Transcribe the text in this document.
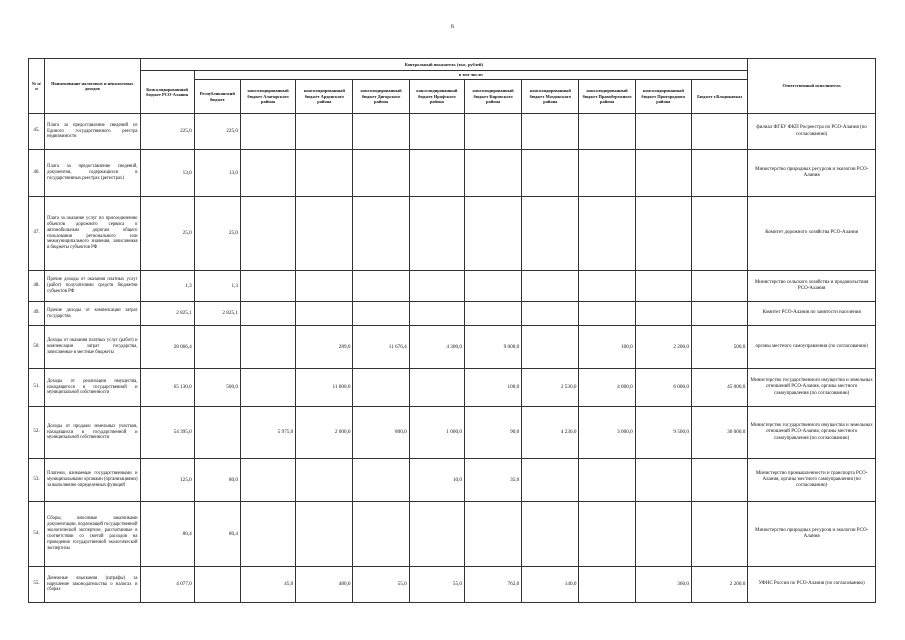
6
№ п/п	Наименование налоговых и неналоговых доходов	Контрольный показатель (тыс. рублей)											Ответственный исполнитель
		Консолидированный бюджет РСО-Алания	в том числе:										
			Республиканский бюджет	консолидированный бюджет Алагирского района	консолидированный бюджет Ардонского района	консолидированный бюджет Дигорского района	консолидированный бюджет Ирафского района	консолидированный бюджет Кировского района	консолидированный бюджет Моздокского района	консолидированный бюджет Правобережного района	консолидированный бюджет Пригородного района	Бюджет г.Владикавказ	
45.	Плата за предоставление сведений из Единого государственного реестра недвижимости	225,0	225,0										филиал ФГБУ ФКП Росреестра по РСО-Алания (по согласованию)
46.	Плата за предоставление сведений, документов, содержащихся в государственных реестрах (регистрах)	13,0	13,0										Министерство природных ресурсов и экологии РСО-Алания
47.	Плата за оказание услуг по присоединению объектов дорожного сервиса к автомобильным дорогам общего пользования регионального или межмуниципального значения, зачисляемая в бюджеты субъектов РФ	25,0	25,0										Комитет дорожного хозяйства РСО-Алания
48.	Прочие доходы от оказания платных услуг (работ) получателями средств бюджетов субъектов РФ	1,3	1,3										Министерство сельского хозяйства и продовольствия РСО-Алания
49.	Прочие доходы от компенсации затрат государства	2 825,1	2 825,1										Комитет РСО-Алания по занятости населения
50.	Доходы от оказания платных услуг (работ) и компенсации затрат государства, зачисляемые в местные бюджеты	28 066,4			289,0	11 676,4	4 300,0	9 000,0		100,0	2 200,0	500,0	органы местного самоуправления (по согласованию)
51.	Доходы от реализации имущества, находящегося в государственной и муниципальной собственности	65 130,0	500,0		11 000,0			100,0	2 530,0	4 000,0	6 000,0	45 000,0	Министерство государственного имущества и земельных отношений РСО-Алания, органы местного самоуправления (по согласованию)
52.	Доходы от продажи земельных участков, находящихся в государственной и муниципальной собственности	54 395,0		5 975,0	2 000,0	800,0	1 000,0	90,0	4 230,0	3 000,0	9 500,0	30 000,0	Министерство государственного имущества и земельных отношений РСО-Алания, органы местного самоуправления (по согласованию)
53.	Платежи, взимаемые государственными и муниципальными органами (организациями) за выполнение определенных функций	125,0	80,0				10,0	35,0					Министерство промышленности и транспорта РСО-Алания, органы местного самоуправления (по согласованию)
54.	Сборы, вносимые заказчиками документации, подлежащей государственной экологической экспертизе, рассчитанные в соответствии со сметой расходов на проведение государственной экологической экспертизы	80,4	80,4										Министерство природных ресурсов и экологии РСО-Алания
55.	Денежные взыскания (штрафы) за нарушение законодательства о налогах и сборах	4 077,0		45,0	480,0	55,0	55,0	762,0	140,0		360,0	2 200,0	УФНС России по РСО-Алания (по согласованию)
